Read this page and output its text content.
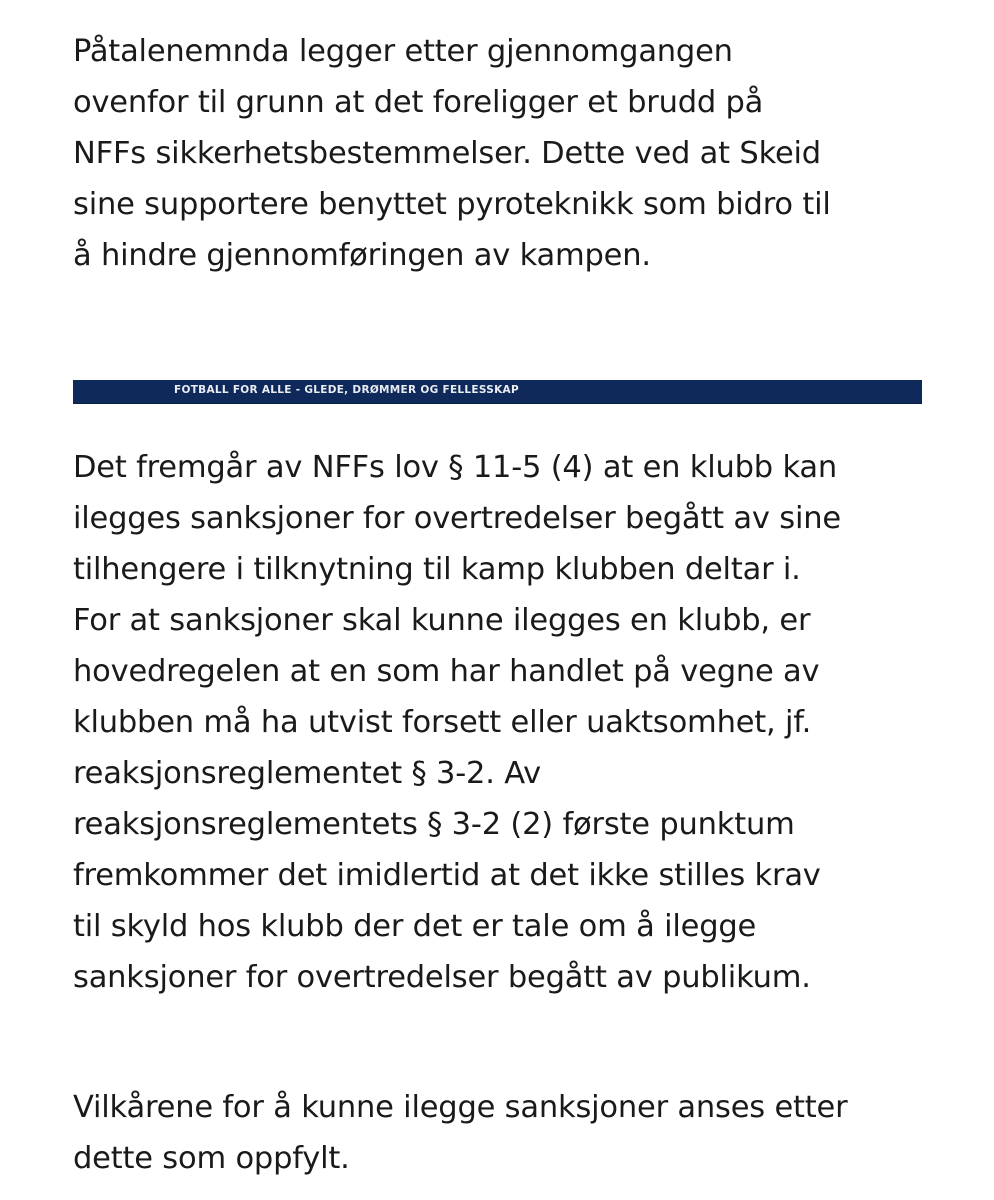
Påtalenemnda legger etter gjennomgangen
ovenfor til grunn at det foreligger et brudd på
NFFs sikkerhetsbestemmelser. Dette ved at Skeid
sine supportere benyttet pyroteknikk som bidro til
å hindre gjennomføringen av kampen.

FOTBALL FOR ALLE - GLEDE, DRØMMER OG FELLESSKAP

Det fremgår av NFFs lov § 11-5 (4) at en klubb kan
ilegges sanksjoner for overtredelser begått av sine
tilhengere i tilknytning til kamp klubben deltar i.
For at sanksjoner skal kunne ilegges en klubb, er
hovedregelen at en som har handlet på vegne av
klubben må ha utvist forsett eller uaktsomhet, jf.
reaksjonsreglementet § 3-2. Av
reaksjonsreglementets § 3-2 (2) første punktum
fremkommer det imidlertid at det ikke stilles krav
til skyld hos klubb der det er tale om å ilegge
sanksjoner for overtredelser begått av publikum.

Vilkårene for å kunne ilegge sanksjoner anses etter
dette som oppfylt.
